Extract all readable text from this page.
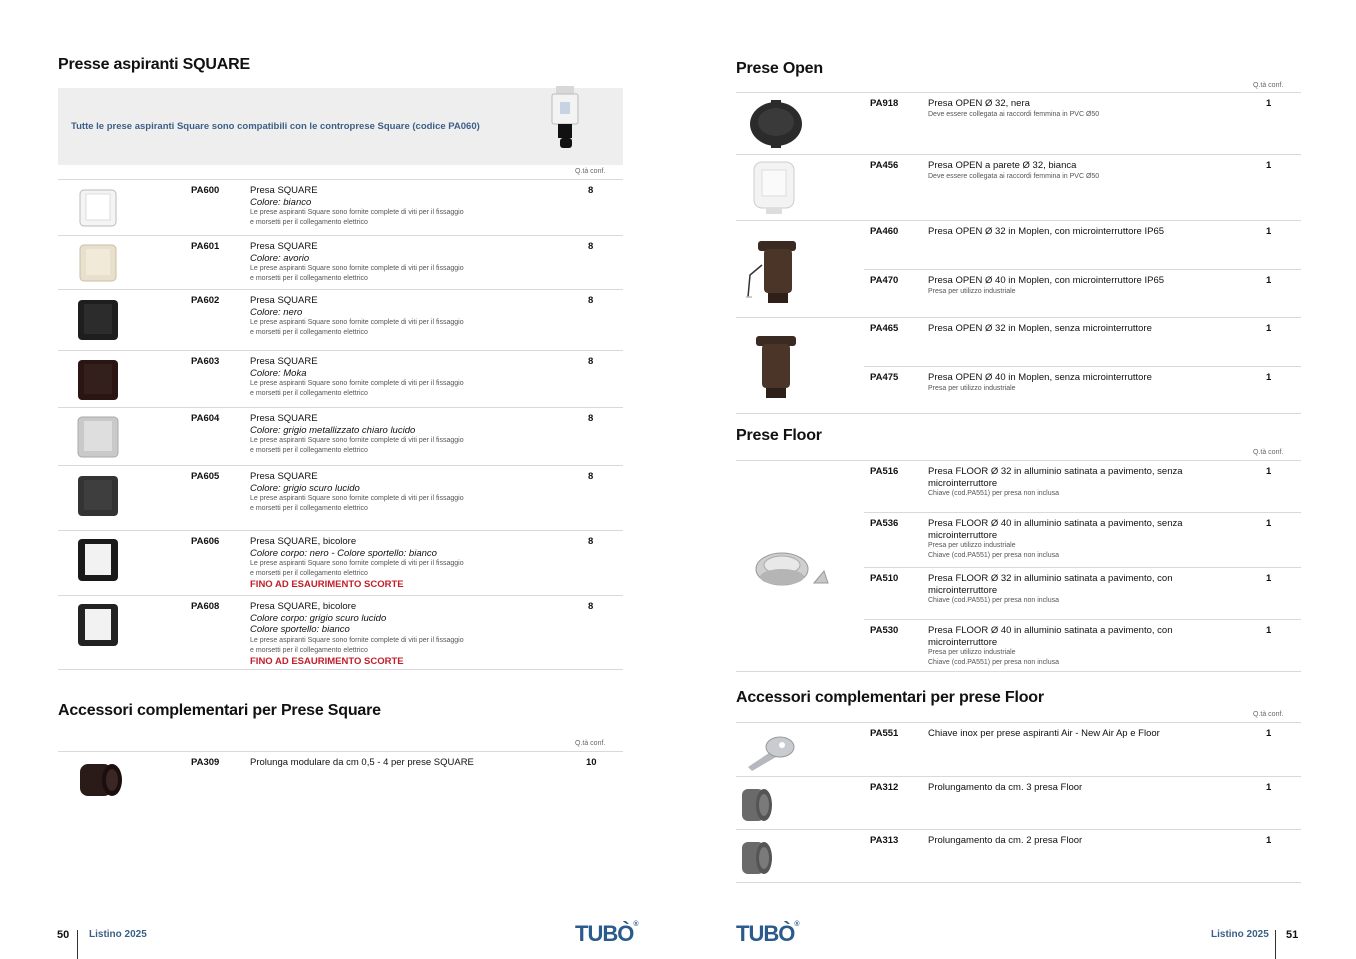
Presse aspiranti SQUARE
Tutte le prese aspiranti Square sono compatibili con le controprese Square (codice PA060)
Q.tà conf.
PA600	Presa SQUARE
Colore: bianco
Le prese aspiranti Square sono fornite complete di viti per il fissaggio
e morsetti per il collegamento elettrico
8
PA601	Presa SQUARE
Colore: avorio
Le prese aspiranti Square sono fornite complete di viti per il fissaggio
e morsetti per il collegamento elettrico
8
PA602	Presa SQUARE
Colore: nero
Le prese aspiranti Square sono fornite complete di viti per il fissaggio
e morsetti per il collegamento elettrico
8
PA603	Presa SQUARE
Colore: Moka
Le prese aspiranti Square sono fornite complete di viti per il fissaggio
e morsetti per il collegamento elettrico
8
PA604	Presa SQUARE
Colore: grigio metallizzato chiaro lucido
Le prese aspiranti Square sono fornite complete di viti per il fissaggio
e morsetti per il collegamento elettrico
8
PA605	Presa SQUARE
Colore: grigio scuro lucido
Le prese aspiranti Square sono fornite complete di viti per il fissaggio
e morsetti per il collegamento elettrico
8
PA606	Presa SQUARE, bicolore
Colore corpo: nero - Colore sportello: bianco
Le prese aspiranti Square sono fornite complete di viti per il fissaggio
e morsetti per il collegamento elettrico
FINO AD ESAURIMENTO SCORTE
8
PA608	Presa SQUARE, bicolore
Colore corpo: grigio scuro lucido
Colore sportello: bianco
Le prese aspiranti Square sono fornite complete di viti per il fissaggio
e morsetti per il collegamento elettrico
FINO AD ESAURIMENTO SCORTE
8
Accessori complementari per Prese Square
Q.tà conf.
PA309	Prolunga modulare da cm 0,5 - 4 per prese SQUARE	10
50 Listino 2025	TUBÒ®
Prese Open
Q.tà conf.
PA918	Presa OPEN Ø 32, nera
Deve essere collegata ai raccordi femmina in PVC Ø50
1
PA456	Presa OPEN a parete Ø 32, bianca
Deve essere collegata ai raccordi femmina in PVC Ø50
1
PA460	Presa OPEN Ø 32 in Moplen, con microinterruttore IP65	1
PA470	Presa OPEN Ø 40 in Moplen, con microinterruttore IP65
Presa per utilizzo industriale
1
PA465	Presa OPEN Ø 32 in Moplen, senza microinterruttore	1
PA475	Presa OPEN Ø 40 in Moplen, senza microinterruttore
Presa per utilizzo industriale
1
Prese Floor
Q.tà conf.
PA516	Presa FLOOR Ø 32 in alluminio satinata a pavimento, senza
microinterruttore
Chiave (cod.PA551) per presa non inclusa
1
PA536	Presa FLOOR Ø 40 in alluminio satinata a pavimento, senza
microinterruttore
Presa per utilizzo industriale
Chiave (cod.PA551) per presa non inclusa
1
PA510	Presa FLOOR Ø 32 in alluminio satinata a pavimento, con
microinterruttore
Chiave (cod.PA551) per presa non inclusa
1
PA530	Presa FLOOR Ø 40 in alluminio satinata a pavimento, con
microinterruttore
Presa per utilizzo industriale
Chiave (cod.PA551) per presa non inclusa
1
Accessori complementari per prese Floor
Q.tà conf.
PA551	Chiave inox per prese aspiranti Air - New Air Ap e Floor	1
PA312	Prolungamento da cm. 3 presa Floor	1
PA313	Prolungamento da cm. 2 presa Floor	1
TUBÒ®
Listino 2025 51
